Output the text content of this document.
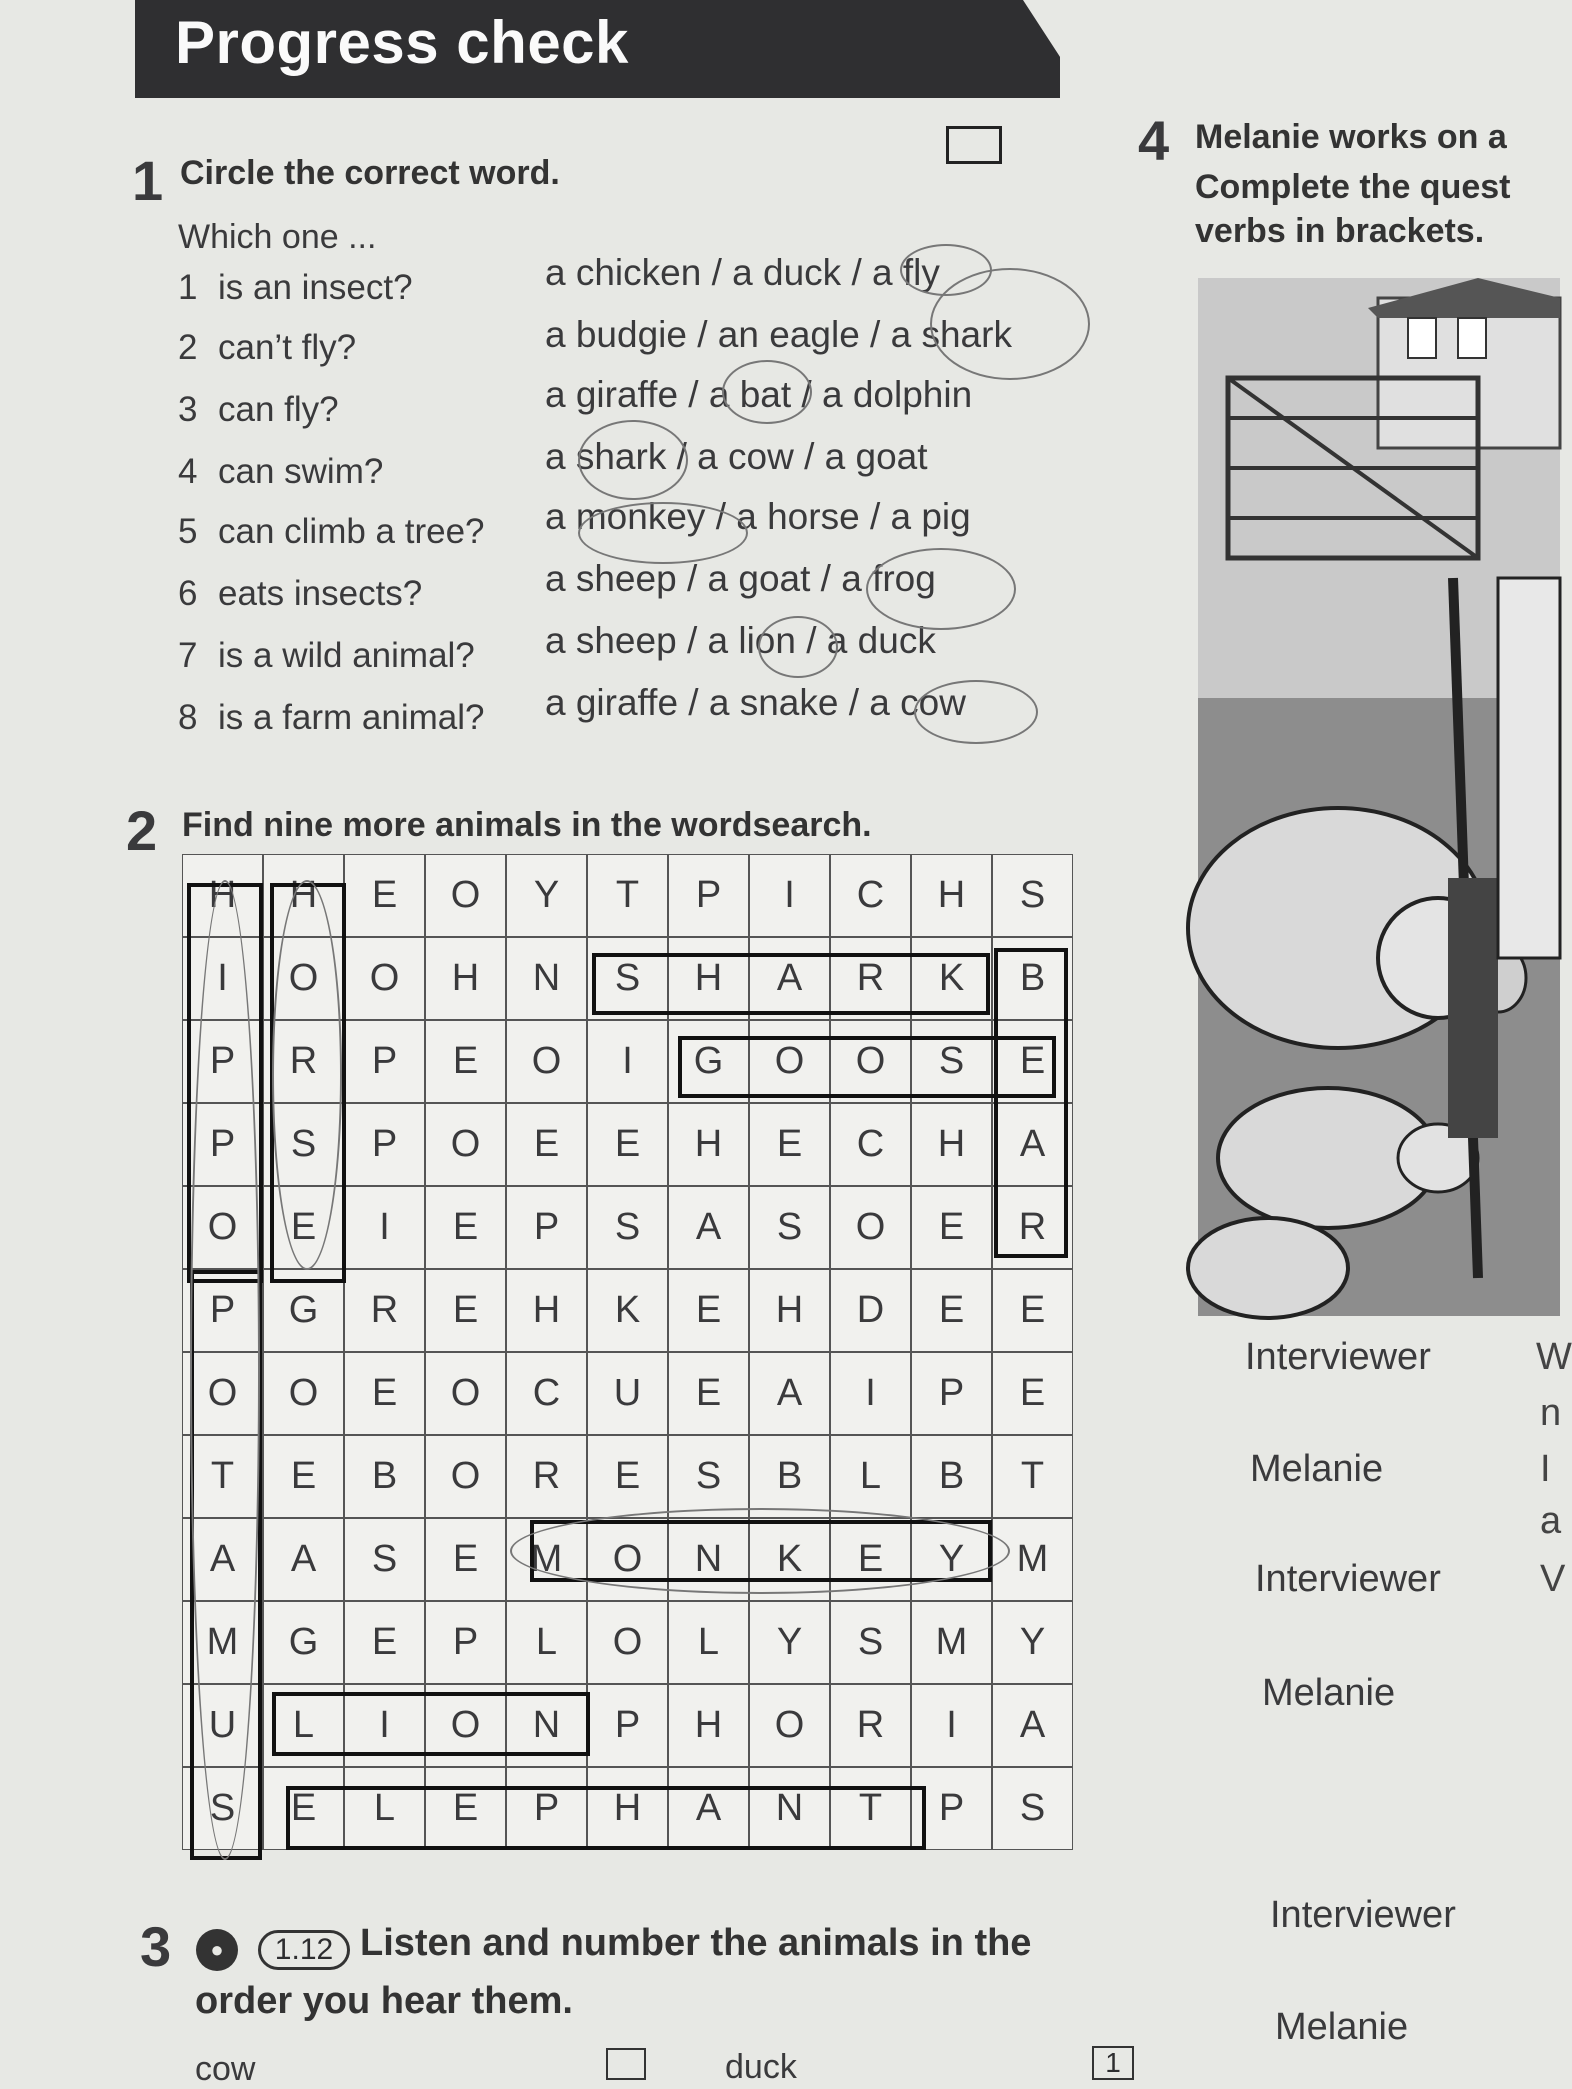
Progress check
1 Circle the correct word.
Which one ...
1 is an insect?	a chicken / a duck / a fly
2 can’t fly?	a budgie / an eagle / a shark
3 can fly?	a giraffe / a bat / a dolphin
4 can swim?	a shark / a cow / a goat
5 can climb a tree? a monkey / a horse / a pig
6 eats insects?	a sheep / a goat / a frog
7 is a wild animal? a sheep / a lion / a duck
8 is a farm animal? a giraffe / a snake / a cow
2 Find nine more animals in the wordsearch.
H	H	E	O	Y	T	P	I	C	H	S
I	O	O	H	N	S	H	A	R	K	B
P	R	P	E	O	I	G	O	O	S	E
P	S	P	O	E	E	H	E	C	H	A
O	E	I	E	P	S	A	S	O	E	R
P	G	R	E	H	K	E	H	D	E	E
O	O	E	O	C	U	E	A	I	P	E
T	E	B	O	R	E	S	B	L	B	T
A	A	S	E	M	O	N	K	E	Y	M
M	G	E	P	L	O	L	Y	S	M	Y
U	L	I	O	N	P	H	O	R	I	A
S	E	L	E	P	H	A	N	T	P	S
3	●	1.12 Listen and number the animals in the
order you hear them.
cow	duck	1
4 Melanie works on a
Complete the quest
verbs in brackets.
Interviewer
Melanie
Interviewer
Melanie
Interviewer
Melanie
W
n
I
a
V
